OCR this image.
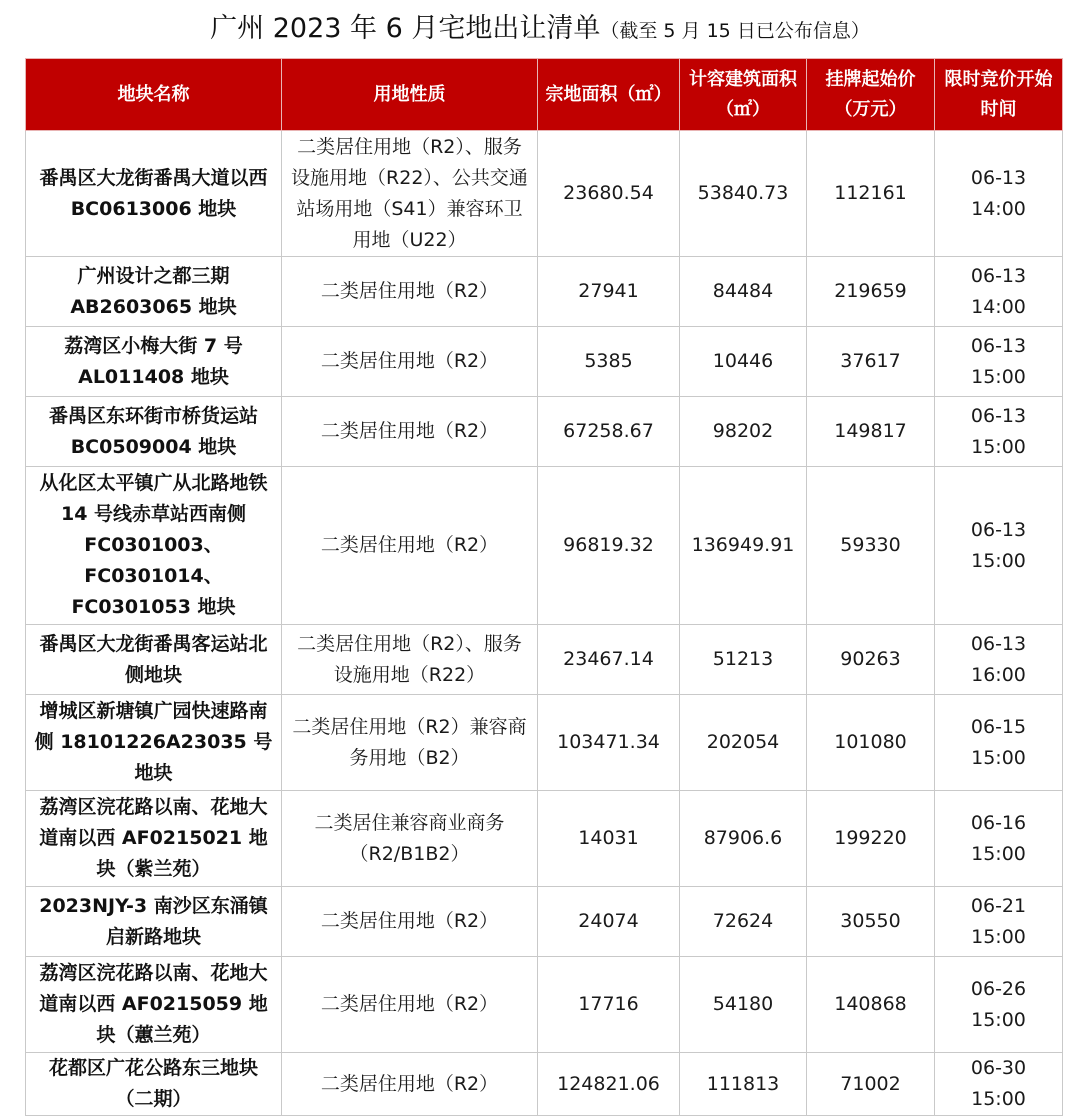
广州 2023 年 6 月宅地出让清单（截至 5 月 15 日已公布信息）
地块名称	用地性质	宗地面积（㎡）	计容建筑面积（㎡）	挂牌起始价（万元）	限时竞价开始时间
番禺区大龙街番禺大道以西 BC0613006 地块	二类居住用地（R2）、服务设施用地（R22）、公共交通站场用地（S41）兼容环卫用地（U22）	23680.54	53840.73	112161	06-13
14:00

广州设计之都三期 AB2603065 地块	二类居住用地（R2）	27941	84484	219659	06-13
14:00

荔湾区小梅大街 7 号 AL011408 地块	二类居住用地（R2）	5385	10446	37617	06-13
15:00

番禺区东环街市桥货运站 BC0509004 地块	二类居住用地（R2）	67258.67	98202	149817	06-13
15:00

从化区太平镇广从北路地铁 14 号线赤草站西南侧 FC0301003、FC0301014、FC0301053 地块	二类居住用地（R2）	96819.32	136949.91	59330	06-13
15:00

番禺区大龙街番禺客运站北侧地块	二类居住用地（R2）、服务设施用地（R22）	23467.14	51213	90263	06-13
16:00

增城区新塘镇广园快速路南侧 18101226A23035 号地块	二类居住用地（R2）兼容商务用地（B2）	103471.34	202054	101080	06-15
15:00

荔湾区浣花路以南、花地大道南以西 AF0215021 地块（紫兰苑）	二类居住兼容商业商务（R2/B1B2）	14031	87906.6	199220	06-16
15:00

2023NJY-3 南沙区东涌镇启新路地块	二类居住用地（R2）	24074	72624	30550	06-21
15:00

荔湾区浣花路以南、花地大道南以西 AF0215059 地块（蕙兰苑）	二类居住用地（R2）	17716	54180	140868	06-26
15:00

花都区广花公路东三地块（二期）	二类居住用地（R2）	124821.06	111813	71002	06-30
15:00
